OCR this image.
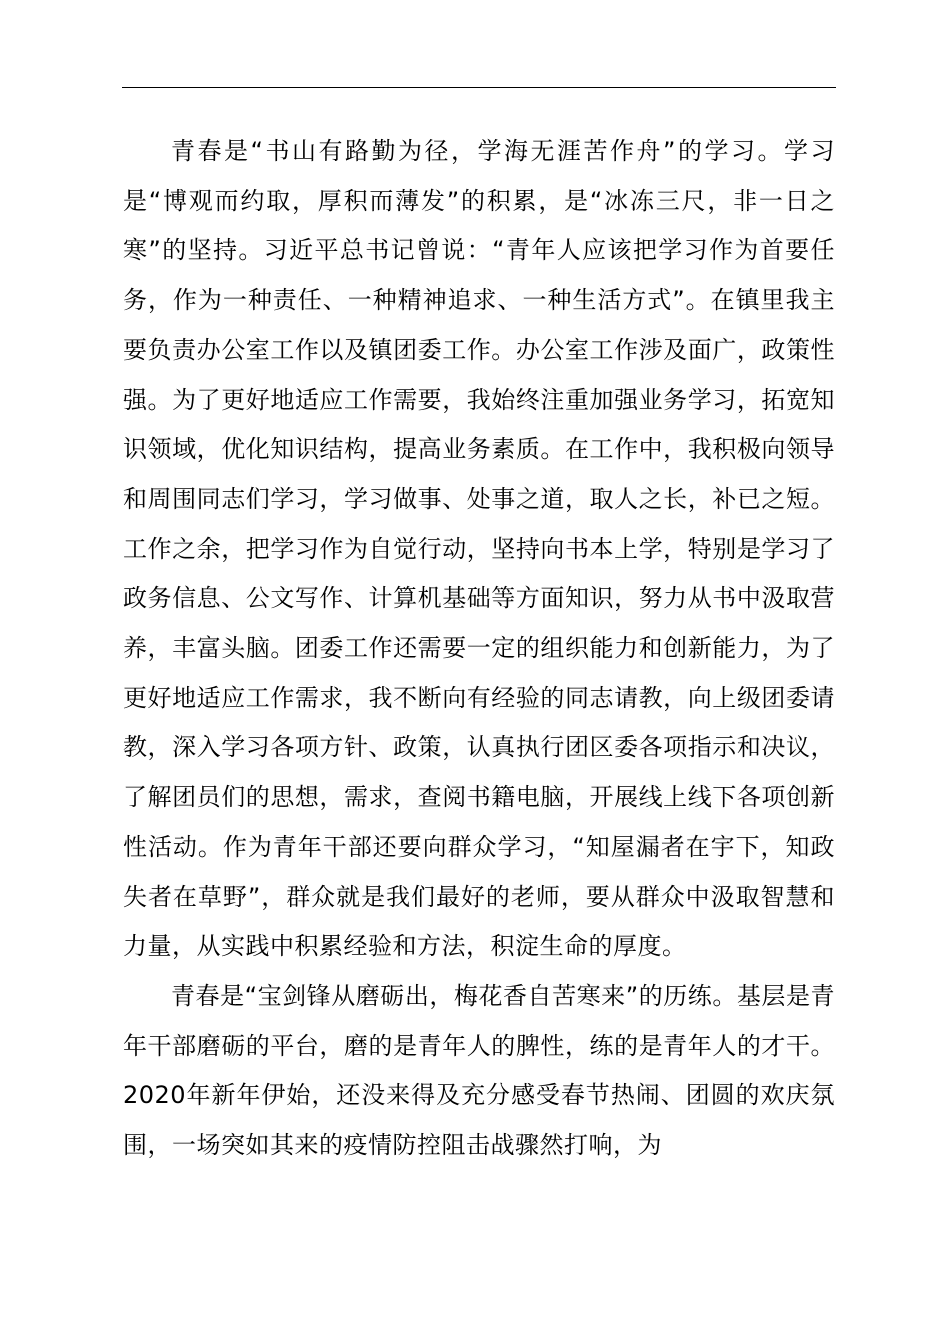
青春是“书山有路勤为径，学海无涯苦作舟”的学习。学习是“博观而约取，厚积而薄发”的积累，是“冰冻三尺，非一日之寒”的坚持。习近平总书记曾说：“青年人应该把学习作为首要任务，作为一种责任、一种精神追求、一种生活方式”。在镇里我主要负责办公室工作以及镇团委工作。办公室工作涉及面广，政策性强。为了更好地适应工作需要，我始终注重加强业务学习，拓宽知识领域，优化知识结构，提高业务素质。在工作中，我积极向领导和周围同志们学习，学习做事、处事之道，取人之长，补已之短。工作之余，把学习作为自觉行动，坚持向书本上学，特别是学习了政务信息、公文写作、计算机基础等方面知识，努力从书中汲取营养，丰富头脑。团委工作还需要一定的组织能力和创新能力，为了更好地适应工作需求，我不断向有经验的同志请教，向上级团委请教，深入学习各项方针、政策，认真执行团区委各项指示和决议，了解团员们的思想，需求，查阅书籍电脑，开展线上线下各项创新性活动。作为青年干部还要向群众学习，“知屋漏者在宇下，知政失者在草野”，群众就是我们最好的老师，要从群众中汲取智慧和力量，从实践中积累经验和方法，积淀生命的厚度。

青春是“宝剑锋从磨砺出，梅花香自苦寒来”的历练。基层是青年干部磨砺的平台，磨的是青年人的脾性，练的是青年人的才干。2020年新年伊始，还没来得及充分感受春节热闹、团圆的欢庆氛围，一场突如其来的疫情防控阻击战骤然打响，为
